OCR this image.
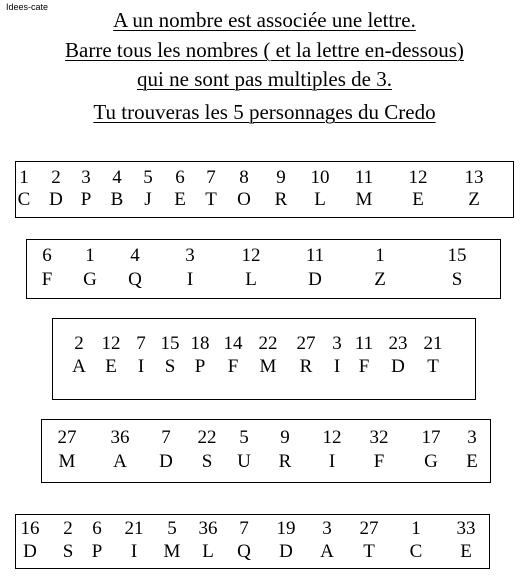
Idees-cate
A un nombre est associée une lettre.
Barre tous les nombres ( et la lettre en-dessous)
qui ne sont pas multiples de 3.
Tu trouveras les 5 personnages du Credo
1 2 3 4 5 6 7 8 9 10 11 12 13
C D P B J E T O R L M E Z
6 1 4 3 12 11	1	15
F G Q I	L	D	Z	S
2 12 7 15 18 14 22 27 3 11 23 21
A E I S P F M R I F D T
27 36 7 22 5 9 12 32 17 3
M A D S U R I F G E
16 2 6 21 5 36 7 19 3 27 1 33
D S P I M L Q D A T C E
